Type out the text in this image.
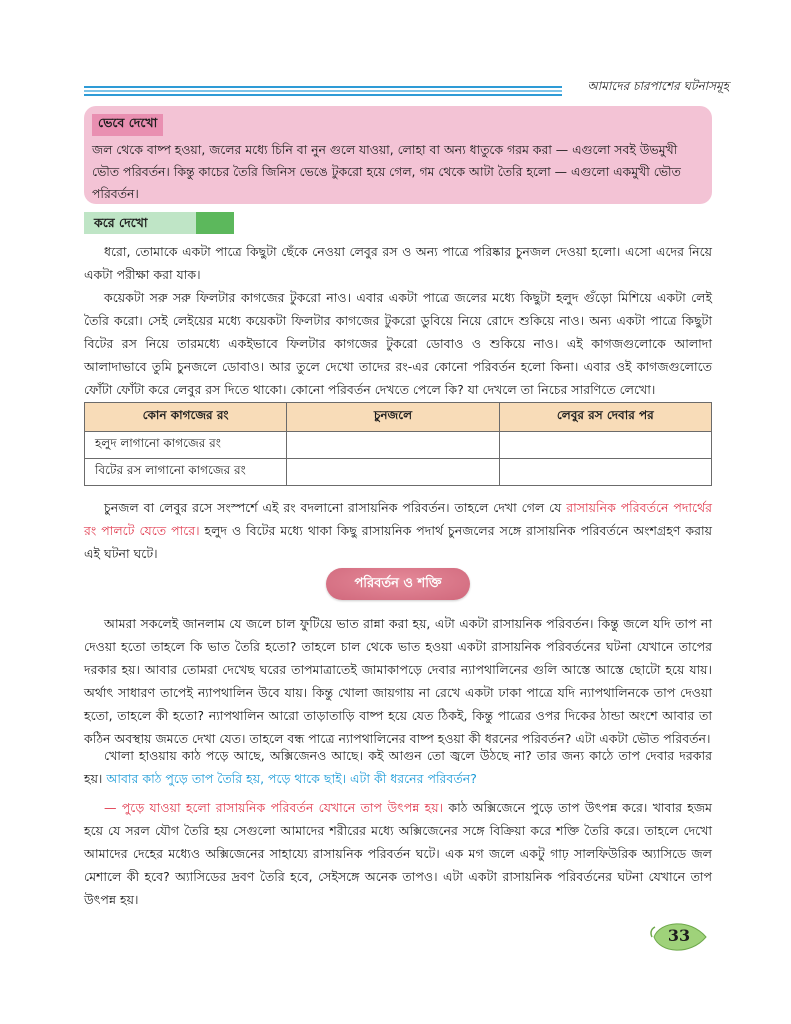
আমাদের চারপাশের ঘটনাসমূহ
ভেবে দেখো
জল থেকে বাষ্প হওয়া, জলের মধ্যে চিনি বা নুন গুলে যাওয়া, লোহা বা অন্য ধাতুকে গরম করা — এগুলো সবই উভমুখী ভৌত পরিবর্তন। কিন্তু কাচের তৈরি জিনিস ভেঙে টুকরো হয়ে গেল, গম থেকে আটা তৈরি হলো — এগুলো একমুখী ভৌত পরিবর্তন।
করে দেখো

ধরো, তোমাকে একটা পাত্রে কিছুটা ছেঁকে নেওয়া লেবুর রস ও অন্য পাত্রে পরিষ্কার চুনজল দেওয়া হলো। এসো এদের নিয়ে একটা পরীক্ষা করা যাক।

কয়েকটা সরু সরু ফিলটার কাগজের টুকরো নাও। এবার একটা পাত্রে জলের মধ্যে কিছুটা হলুদ গুঁড়ো মিশিয়ে একটা লেই তৈরি করো। সেই লেইয়ের মধ্যে কয়েকটা ফিলটার কাগজের টুকরো ডুবিয়ে নিয়ে রোদে শুকিয়ে নাও। অন্য একটা পাত্রে কিছুটা বিটের রস নিয়ে তারমধ্যে একইভাবে ফিলটার কাগজের টুকরো ডোবাও ও শুকিয়ে নাও। এই কাগজগুলোকে আলাদা আলাদাভাবে তুমি চুনজলে ডোবাও। আর তুলে দেখো তাদের রং-এর কোনো পরিবর্তন হলো কিনা। এবার ওই কাগজগুলোতে ফোঁটা ফোঁটা করে লেবুর রস দিতে থাকো। কোনো পরিবর্তন দেখতে পেলে কি? যা দেখলে তা নিচের সারণিতে লেখো।

কোন কাগজের রং	চুনজলে	লেবুর রস দেবার পর
হলুদ লাগানো কাগজের রং		
বিটের রস লাগানো কাগজের রং		

চুনজল বা লেবুর রসে সংস্পর্শে এই রং বদলানো রাসায়নিক পরিবর্তন। তাহলে দেখা গেল যে রাসায়নিক পরিবর্তনে পদার্থের রং পালটে যেতে পারে। হলুদ ও বিটের মধ্যে থাকা কিছু রাসায়নিক পদার্থ চুনজলের সঙ্গে রাসায়নিক পরিবর্তনে অংশগ্রহণ করায় এই ঘটনা ঘটে।

পরিবর্তন ও শক্তি

আমরা সকলেই জানলাম যে জলে চাল ফুটিয়ে ভাত রান্না করা হয়, এটা একটা রাসায়নিক পরিবর্তন। কিন্তু জলে যদি তাপ না দেওয়া হতো তাহলে কি ভাত তৈরি হতো? তাহলে চাল থেকে ভাত হওয়া একটা রাসায়নিক পরিবর্তনের ঘটনা যেখানে তাপের দরকার হয়। আবার তোমরা দেখেছ ঘরের তাপমাত্রাতেই জামাকাপড়ে দেবার ন্যাপথালিনের গুলি আস্তে আস্তে ছোটো হয়ে যায়। অর্থাৎ সাধারণ তাপেই ন্যাপথালিন উবে যায়। কিন্তু খোলা জায়গায় না রেখে একটা ঢাকা পাত্রে যদি ন্যাপথালিনকে তাপ দেওয়া হতো, তাহলে কী হতো? ন্যাপথালিন আরো তাড়াতাড়ি বাষ্প হয়ে যেত ঠিকই, কিন্তু পাত্রের ওপর দিকের ঠান্ডা অংশে আবার তা কঠিন অবস্থায় জমতে দেখা যেত। তাহলে বন্ধ পাত্রে ন্যাপথালিনের বাষ্প হওয়া কী ধরনের পরিবর্তন? এটা একটা ভৌত পরিবর্তন।

খোলা হাওয়ায় কাঠ পড়ে আছে, অক্সিজেনও আছে। কই আগুন তো জ্বলে উঠছে না? তার জন্য কাঠে তাপ দেবার দরকার হয়। আবার কাঠ পুড়ে তাপ তৈরি হয়, পড়ে থাকে ছাই। এটা কী ধরনের পরিবর্তন?

— পুড়ে যাওয়া হলো রাসায়নিক পরিবর্তন যেখানে তাপ উৎপন্ন হয়। কাঠ অক্সিজেনে পুড়ে তাপ উৎপন্ন করে। খাবার হজম হয়ে যে সরল যৌগ তৈরি হয় সেগুলো আমাদের শরীরের মধ্যে অক্সিজেনের সঙ্গে বিক্রিয়া করে শক্তি তৈরি করে। তাহলে দেখো আমাদের দেহের মধ্যেও অক্সিজেনের সাহায্যে রাসায়নিক পরিবর্তন ঘটে। এক মগ জলে একটু গাঢ় সালফিউরিক অ্যাসিডে জল মেশালে কী হবে? অ্যাসিডের দ্রবণ তৈরি হবে, সেইসঙ্গে অনেক তাপও। এটা একটা রাসায়নিক পরিবর্তনের ঘটনা যেখানে তাপ উৎপন্ন হয়।

33
